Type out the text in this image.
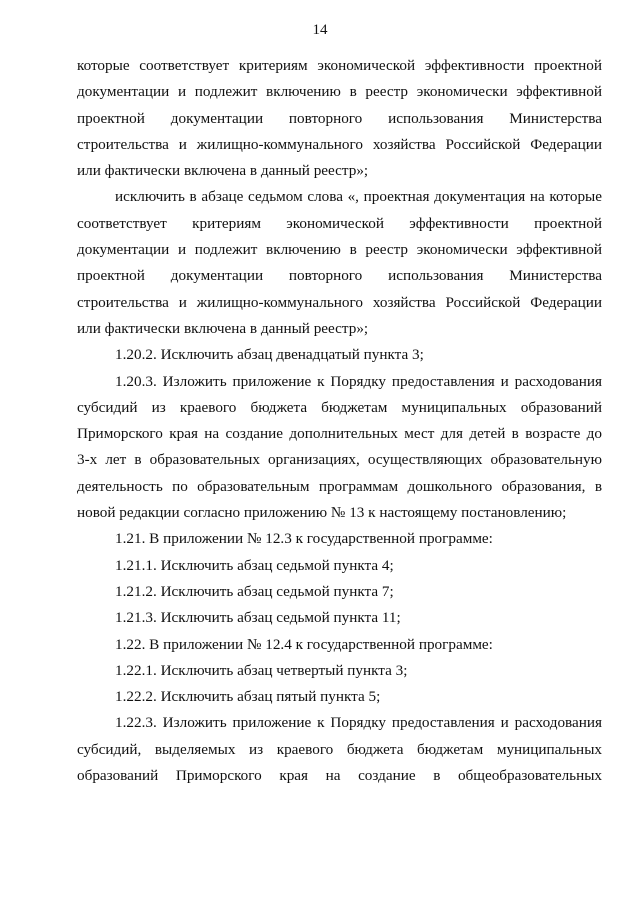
14
которые соответствует критериям экономической эффективности проектной
документации и подлежит включению в реестр экономически эффективной
проектной документации повторного использования Министерства
строительства и жилищно-коммунального хозяйства Российской Федерации
или фактически включена в данный реестр»;
исключить в абзаце седьмом слова «, проектная документация на которые
соответствует критериям экономической эффективности проектной
документации и подлежит включению в реестр экономически эффективной
проектной документации повторного использования Министерства
строительства и жилищно-коммунального хозяйства Российской Федерации
или фактически включена в данный реестр»;
1.20.2. Исключить абзац двенадцатый пункта 3;
1.20.3. Изложить приложение к Порядку предоставления и расходования
субсидий из краевого бюджета бюджетам муниципальных образований
Приморского края на создание дополнительных мест для детей в возрасте до
3-х лет в образовательных организациях, осуществляющих образовательную
деятельность по образовательным программам дошкольного образования, в
новой редакции согласно приложению № 13 к настоящему постановлению;
1.21. В приложении № 12.3 к государственной программе:
1.21.1. Исключить абзац седьмой пункта 4;
1.21.2. Исключить абзац седьмой пункта 7;
1.21.3. Исключить абзац седьмой пункта 11;
1.22. В приложении № 12.4 к государственной программе:
1.22.1. Исключить абзац четвертый пункта 3;
1.22.2. Исключить абзац пятый пункта 5;
1.22.3. Изложить приложение к Порядку предоставления и расходования
субсидий, выделяемых из краевого бюджета бюджетам муниципальных
образований Приморского края на создание в общеобразовательных
